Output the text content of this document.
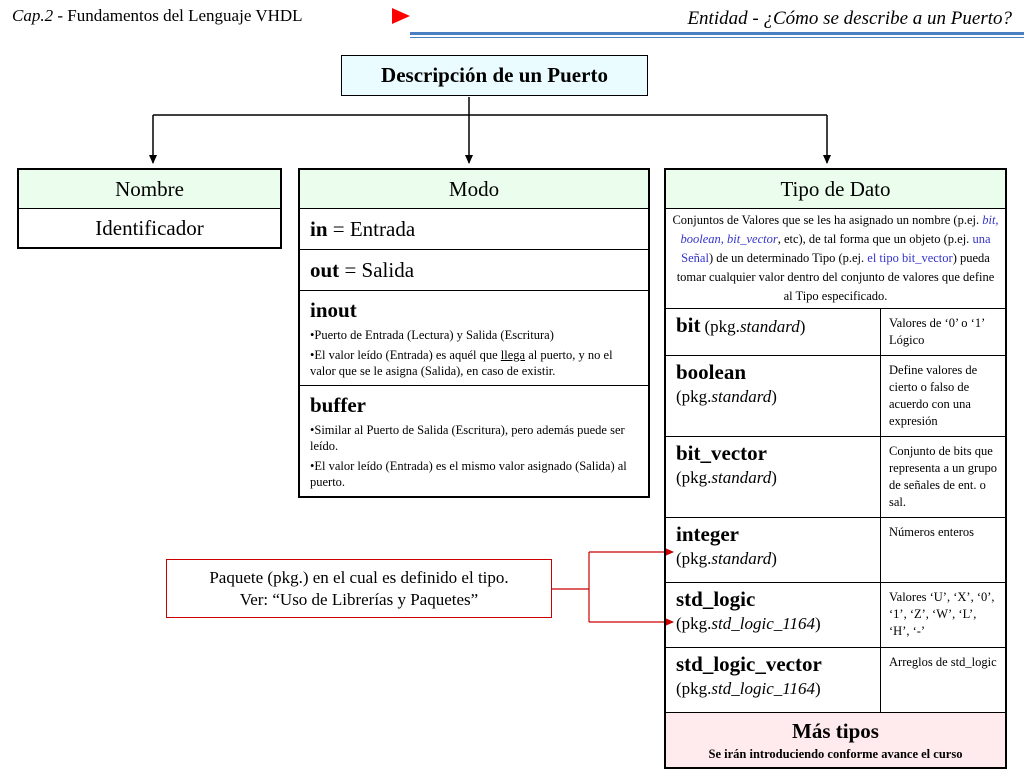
Cap.2 - Fundamentos del Lenguaje VHDL	Entidad - ¿Cómo se describe a un Puerto?
Descripción de un Puerto
Nombre
Identificador
Modo

in = Entrada

out = Salida

inout
•Puerto de Entrada (Lectura) y Salida (Escritura)
•El valor leído (Entrada) es aquél que llega al puerto, y no el valor que se le asigna (Salida), en caso de existir.

buffer
•Similar al Puerto de Salida (Escritura), pero además puede ser leído.
•El valor leído (Entrada) es el mismo valor asignado (Salida) al puerto.
Tipo de Dato	

Conjuntos de Valores que se les ha asignado un nombre (p.ej. bit, boolean, bit_vector, etc), de tal forma que un objeto (p.ej. una Señal) de un determinado Tipo (p.ej. el tipo bit_vector) pueda tomar cualquier valor dentro del conjunto de valores que define al Tipo especificado.	

bit (pkg.standard)	Valores de ‘0’ o ‘1’ Lógico

boolean
(pkg.standard)	Define valores de cierto o falso de acuerdo con una expresión

bit_vector
(pkg.standard)	Conjunto de bits que representa a un grupo de señales de ent. o sal.

integer
(pkg.standard)	Números enteros

std_logic
(pkg.std_logic_1164)	Valores ‘U’, ‘X’, ‘0’, ‘1’, ‘Z’, ‘W’, ‘L’, ‘H’, ‘-’

std_logic_vector
(pkg.std_logic_1164)	Arreglos de std_logic

Más tipos
Se irán introduciendo conforme avance el curso	
Paquete (pkg.) en el cual es definido el tipo.
Ver: “Uso de Librerías y Paquetes”
